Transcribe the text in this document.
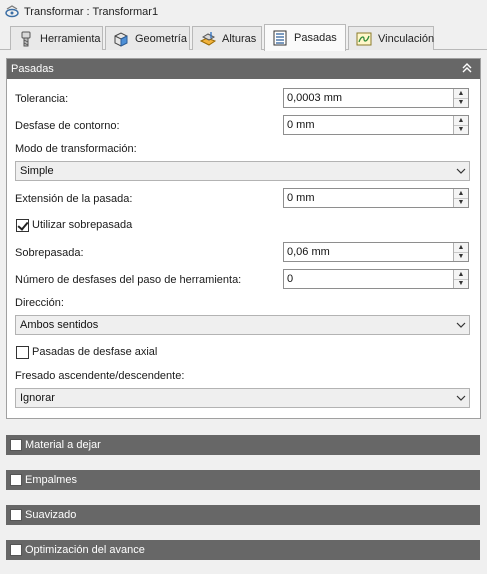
Transformar : Transformar1
Herramienta	Geometría	Alturas	Pasadas	Vinculación
Pasadas
Tolerancia:	0,0003 mm	▲
▼
Desfase de contorno:	0 mm	▲
▼
Modo de transformación:
Simple
Extensión de la pasada:	0 mm	▲
▼
Utilizar sobrepasada
Sobrepasada:	0,06 mm	▲
▼
Número de desfases del paso de herramienta:	0	▲
▼
Dirección:
Ambos sentidos
Pasadas de desfase axial
Fresado ascendente/descendente:
Ignorar
Material a dejar
Empalmes
Suavizado
Optimización del avance
